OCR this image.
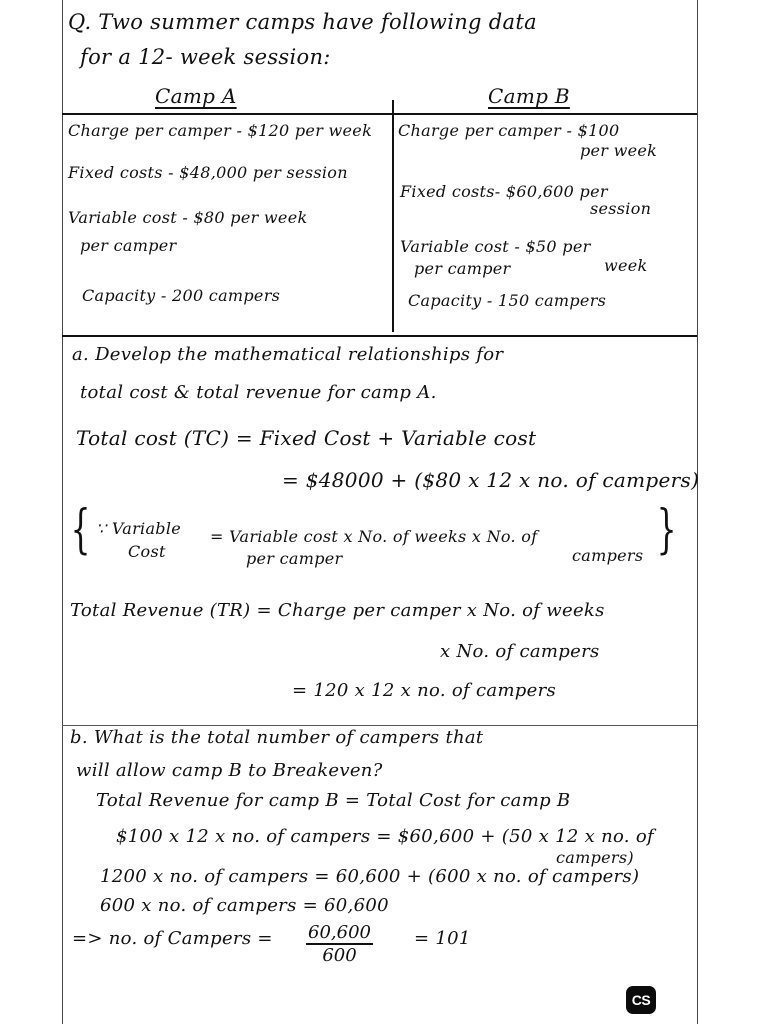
Q. Two summer camps have following data
for a 12- week session:
Camp A
Charge per camper - $120 per week
Fixed costs - $48,000 per session
Variable cost - $80 per week
per camper
Capacity - 200 campers
Camp B
Charge per camper - $100
per week
Fixed costs- $60,600 per
session
Variable cost - $50 per
per camper	week
Capacity - 150 campers
a. Develop the mathematical relationships for
total cost & total revenue for camp A.
Total cost (TC) = Fixed Cost + Variable cost
= $48000 + ($80 x 12 x no. of campers)
{ ∵ Variable
Cost
= Variable cost x No. of weeks x No. of
per camper	campers }
Total Revenue (TR) = Charge per camper x No. of weeks
x No. of campers
= 120 x 12 x no. of campers
b. What is the total number of campers that
will allow camp B to Breakeven?
Total Revenue for camp B = Total Cost for camp B
$100 x 12 x no. of campers = $60,600 + (50 x 12 x no. of
campers)
1200 x no. of campers = 60,600 + (600 x no. of campers)
600 x no. of campers = 60,600
=> no. of Campers = $\frac{60,600}{600} = 101$
CS
